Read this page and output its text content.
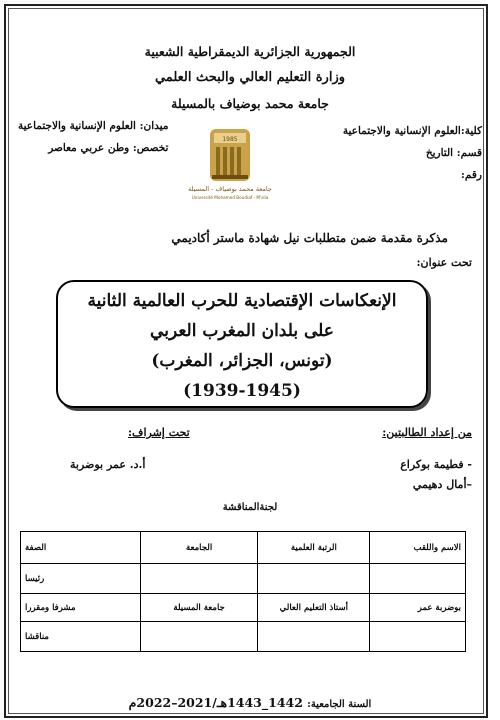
الجمهورية الجزائرية الديمقراطية الشعبية
وزارة التعليم العالي والبحث العلمي
جامعة محمد بوضياف بالمسيلة
كلية:العلوم الإنسانية والاجتماعية
قسم: التاريخ
رقم:
ميدان: العلوم الإنسانية والاجتماعية
تخصص: وطن عربي معاصر
1985
جامعة محمد بوضياف - المسيلة
Université Mohamed Boudiaf - M'sila
مذكرة مقدمة ضمن متطلبات نيل شهادة ماستر أكاديمي
تحت عنوان:
الإنعكاسات الإقتصادية للحرب العالمية الثانية
على بلدان المغرب العربي
(تونس، الجزائر، المغرب)
(1939-1945)
من إعداد الطالبتين:
تحت إشراف:
- فطيمة بوكراع
–أمال دهيمي
أ.د. عمر بوضربة
لجنةالمناقشة
الاسم واللقب	الرتبة العلمية	الجامعة	الصفة
			رئيسا
بوضربة عمر	أستاذ التعليم العالي	جامعة المسيلة	مشرفا ومقررا
			مناقشا
السنة الجامعية: 1442_1443هـ/2021–2022م
